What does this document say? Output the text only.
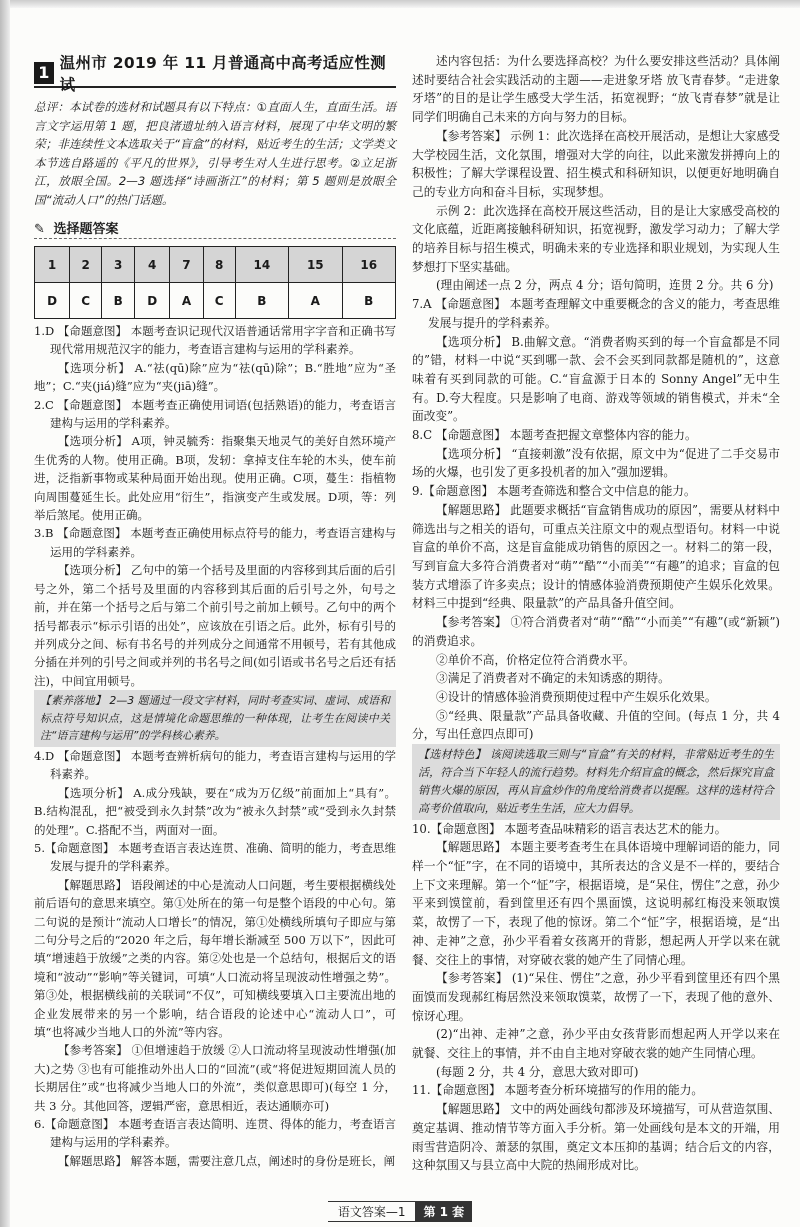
1 温州市 2019 年 11 月普通高中高考适应性测试
总评：本试卷的选材和试题具有以下特点：①直面人生，直面生活。语言文字运用第 1 题，把良渚遗址纳入语言材料，展现了中华文明的繁荣；非连续性文本选取关于“盲盒”的材料，贴近考生的生活；文学类文本节选自路遥的《平凡的世界》，引导考生对人生进行思考。②立足浙江，放眼全国。2—3 题选择“诗画浙江”的材料；第 5 题则是放眼全国“流动人口”的热门话题。
✎ 选择题答案
1	2	3	4	7	8	14	15	16
D	C	B	D	A	C	B	A	B

1.D 【命题意图】 本题考查识记现代汉语普通话常用字字音和正确书写现代常用规范汉字的能力，考查语言建构与运用的学科素养。

【选项分析】 A.“祛(qū)除”应为“祛(qū)除”；B.“胜地”应为“圣地”；C.“夹(jiá)缝”应为“夹(jiā)缝”。

2.C 【命题意图】 本题考查正确使用词语(包括熟语)的能力，考查语言建构与运用的学科素养。

【选项分析】 A项，钟灵毓秀：指聚集天地灵气的美好自然环境产生优秀的人物。使用正确。B项，发轫：拿掉支住车轮的木头，使车前进，泛指新事物或某种局面开始出现。使用正确。C项，蔓生：指植物向周围蔓延生长。此处应用“衍生”，指演变产生或发展。D项，等：列举后煞尾。使用正确。

3.B 【命题意图】 本题考查正确使用标点符号的能力，考查语言建构与运用的学科素养。

【选项分析】 乙句中的第一个括号及里面的内容移到其后面的后引号之外，第二个括号及里面的内容移到其后面的后引号之外，句号之前，并在第一个括号之后与第二个前引号之前加上顿号。乙句中的两个括号都表示“标示引语的出处”，应该放在引语之后。此外，标有引号的并列成分之间、标有书名号的并列成分之间通常不用顿号，若有其他成分插在并列的引号之间或并列的书名号之间(如引语或书名号之后还有括注)，中间宜用顿号。

【素养落地】 2—3 题通过一段文字材料，同时考查实词、虚词、成语和标点符号知识点，这是情境化命题思维的一种体现，让考生在阅读中关注“语言建构与运用”的学科核心素养。

4.D 【命题意图】 本题考查辨析病句的能力，考查语言建构与运用的学科素养。

【选项分析】 A.成分残缺，要在“成为万亿级”前面加上“具有”。B.结构混乱，把“被受到永久封禁”改为“被永久封禁”或“受到永久封禁的处理”。C.搭配不当，两面对一面。

5.【命题意图】 本题考查语言表达连贯、准确、简明的能力，考查思维发展与提升的学科素养。

【解题思路】 语段阐述的中心是流动人口问题，考生要根据横线处前后语句的意思来填空。第①处所在的第一句是整个语段的中心句。第二句说的是预计“流动人口增长”的情况，第①处横线所填句子即应与第二句分号之后的“2020 年之后，每年增长渐减至 500 万以下”，因此可填“增速趋于放缓”之类的内容。第②处也是一个总结句，根据后文的语境和“波动”“影响”等关键词，可填“人口流动将呈现波动性增强之势”。第③处，根据横线前的关联词“不仅”，可知横线要填入口主要流出地的企业发展带来的另一个影响，结合语段的论述中心“流动人口”，可填“也将减少当地人口的外流”等内容。

【参考答案】 ①但增速趋于放缓 ②人口流动将呈现波动性增强(加大)之势 ③也有可能推动外出人口的“回流”(或“将促进短期回流人员的长期居住”或“也将减少当地人口的外流”，类似意思即可)(每空 1 分，共 3 分。其他回答，逻辑严密，意思相近，表达通顺亦可)

6.【命题意图】 本题考查语言表达简明、连贯、得体的能力，考查语言建构与运用的学科素养。

【解题思路】 解答本题，需要注意几点，阐述时的身份是班长，阐

述内容包括：为什么要选择高校？为什么要安排这些活动？具体阐述时要结合社会实践活动的主题——走进象牙塔 放飞青春梦。“走进象牙塔”的目的是让学生感受大学生活，拓宽视野；“放飞青春梦”就是让同学们明确自己未来的方向与努力的目标。

【参考答案】 示例 1：此次选择在高校开展活动，是想让大家感受大学校园生活，文化氛围，增强对大学的向往，以此来激发拼搏向上的积极性；了解大学课程设置、招生模式和科研知识，以便更好地明确自己的专业方向和奋斗目标，实现梦想。

示例 2：此次选择在高校开展这些活动，目的是让大家感受高校的文化底蕴，近距离接触科研知识，拓宽视野，激发学习动力；了解大学的培养目标与招生模式，明确未来的专业选择和职业规划，为实现人生梦想打下坚实基础。

(理由阐述一点 2 分，两点 4 分；语句简明，连贯 2 分。共 6 分)

7.A 【命题意图】 本题考查理解文中重要概念的含义的能力，考查思维发展与提升的学科素养。

【选项分析】 B.曲解文意。“消费者购买到的每一个盲盒都是不同的”错，材料一中说“买到哪一款、会不会买到同款都是随机的”，这意味着有买到同款的可能。C.“盲盒源于日本的 Sonny Angel”无中生有。D.夸大程度。只是影响了电商、游戏等领域的销售模式，并未“全面改变”。

8.C 【命题意图】 本题考查把握文章整体内容的能力。

【选项分析】 “直接刺激”没有依据，原文中为“促进了二手交易市场的火爆，也引发了更多投机者的加入”强加逻辑。

9.【命题意图】 本题考查筛选和整合文中信息的能力。

【解题思路】 此题要求概括“盲盒销售成功的原因”，需要从材料中筛选出与之相关的语句，可重点关注原文中的观点型语句。材料一中说盲盒的单价不高，这是盲盒能成功销售的原因之一。材料二的第一段，写到盲盒大多符合消费者对“萌”“酷”“小而美”“有趣”的追求；盲盒的包装方式增添了许多卖点；设计的情感体验消费预期使产生娱乐化效果。材料三中提到“经典、限量款”的产品具备升值空间。

【参考答案】 ①符合消费者对“萌”“酷”“小而美”“有趣”(或“新颖”)的消费追求。

②单价不高，价格定位符合消费水平。

③满足了消费者对不确定的未知诱惑的期待。

④设计的情感体验消费预期使过程中产生娱乐化效果。

⑤“经典、限量款”产品具备收藏、升值的空间。(每点 1 分，共 4 分，写出任意四点即可)

【选材特色】 该阅读选取三则与“盲盒”有关的材料，非常贴近考生的生活，符合当下年轻人的流行趋势。材料先介绍盲盒的概念，然后探究盲盒销售火爆的原因，再从盲盒炒作的角度给消费者以提醒。这样的选材符合高考价值取向，贴近考生生活，应大力倡导。

10.【命题意图】 本题考查品味精彩的语言表达艺术的能力。

【解题思路】 本题主要考查考生在具体语境中理解词语的能力，同样一个“怔”字，在不同的语境中，其所表达的含义是不一样的，要结合上下文来理解。第一个“怔”字，根据语境，是“呆住，愣住”之意，孙少平来到馍筐前，看到筐里还有四个黑面馍，这说明郝红梅没来领取馍菜，故愣了一下，表现了他的惊讶。第二个“怔”字，根据语境，是“出神、走神”之意，孙少平看着女孩离开的背影，想起两人开学以来在就餐、交往上的事情，对穿破衣裳的她产生了同情心理。

【参考答案】 (1)“呆住、愣住”之意，孙少平看到筐里还有四个黑面馍而发现郝红梅居然没来领取馍菜，故愣了一下，表现了他的意外、惊讶心理。

(2)“出神、走神”之意，孙少平由女孩背影而想起两人开学以来在就餐、交往上的事情，并不由自主地对穿破衣裳的她产生同情心理。

(每题 2 分，共 4 分，意思大致对即可)

11.【命题意图】 本题考查分析环境描写的作用的能力。

【解题思路】 文中的两处画线句都涉及环境描写，可从营造氛围、奠定基调、推动情节等方面入手分析。第一处画线句是本文的开端，用雨雪营造阴冷、萧瑟的氛围，奠定文本压抑的基调；结合后文的内容，这种氛围又与县立高中大院的热闹形成对比。

语文答案—1	第 1 套
